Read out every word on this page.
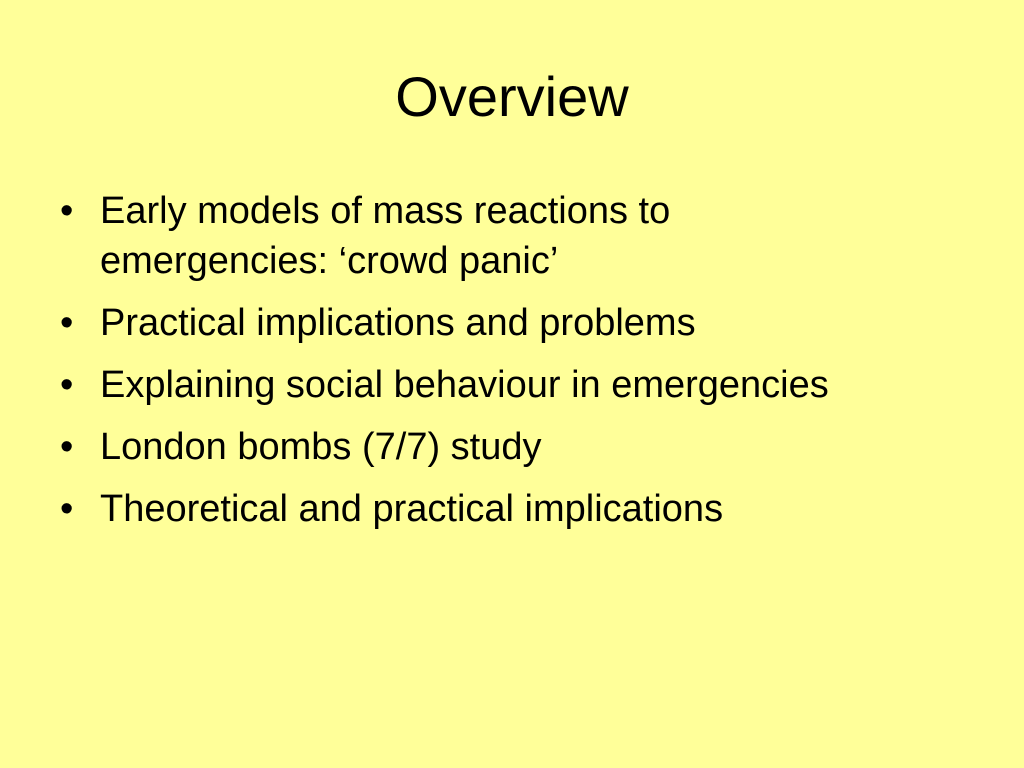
Overview
• Early models of mass reactions to emergencies: ‘crowd panic’
• Practical implications and problems
• Explaining social behaviour in emergencies
• London bombs (7/7) study
• Theoretical and practical implications
